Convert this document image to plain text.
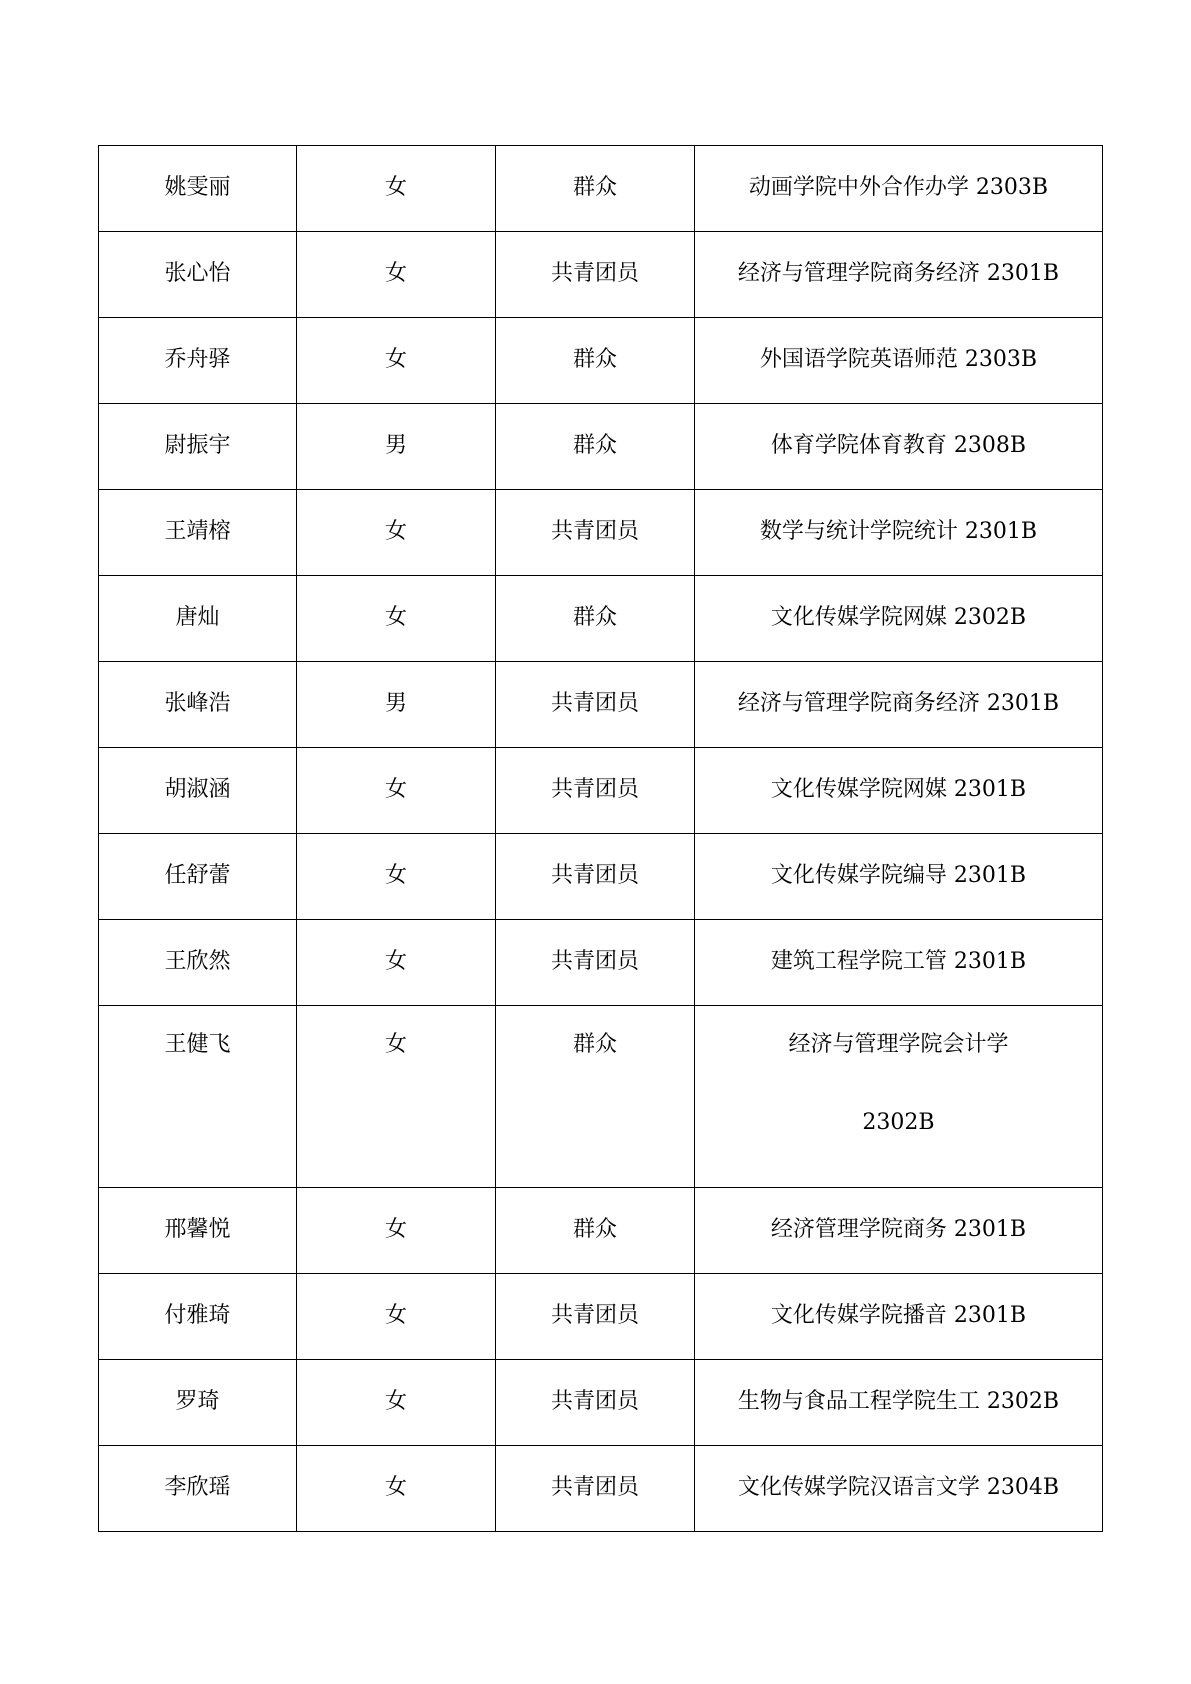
姚雯丽	女	群众	动画学院中外合作办学 2303B
张心怡	女	共青团员	经济与管理学院商务经济 2301B
乔舟驿	女	群众	外国语学院英语师范 2303B
尉振宇	男	群众	体育学院体育教育 2308B
王靖榕	女	共青团员	数学与统计学院统计 2301B
唐灿	女	群众	文化传媒学院网媒 2302B
张峰浩	男	共青团员	经济与管理学院商务经济 2301B
胡淑涵	女	共青团员	文化传媒学院网媒 2301B
任舒蕾	女	共青团员	文化传媒学院编导 2301B
王欣然	女	共青团员	建筑工程学院工管 2301B
王健飞	女	群众	经济与管理学院会计学
2302B

邢馨悦	女	群众	经济管理学院商务 2301B
付雅琦	女	共青团员	文化传媒学院播音 2301B
罗琦	女	共青团员	生物与食品工程学院生工 2302B
李欣瑶	女	共青团员	文化传媒学院汉语言文学 2304B
